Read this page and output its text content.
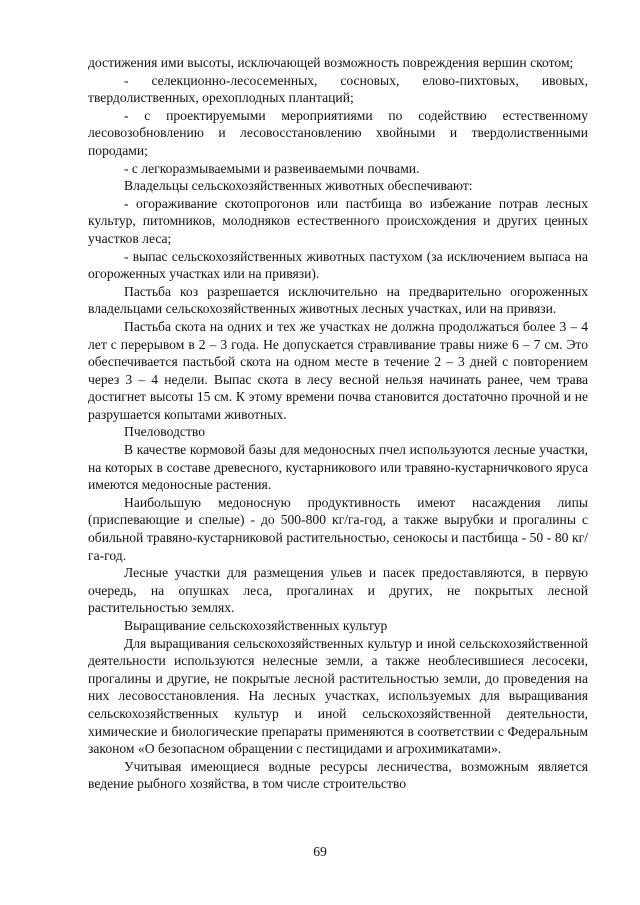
достижения ими высоты, исключающей возможность повреждения вершин скотом;

- селекционно-лесосеменных, сосновых, елово-пихтовых, ивовых, твердолиственных, орехоплодных плантаций;

- с проектируемыми мероприятиями по содействию естественному лесовозобновлению и лесовосстановлению хвойными и твердолиственными породами;

- с легкоразмываемыми и развеиваемыми почвами.

Владельцы сельскохозяйственных животных обеспечивают:

- огораживание скотопрогонов или пастбища во избежание потрав лесных культур, питомников, молодняков естественного происхождения и других ценных участков леса;

- выпас сельскохозяйственных животных пастухом (за исключением выпаса на огороженных участках или на привязи).

Пастьба коз разрешается исключительно на предварительно огороженных владельцами сельскохозяйственных животных лесных участках, или на привязи.

Пастьба скота на одних и тех же участках не должна продолжаться более 3 – 4 лет с перерывом в 2 – 3 года. Не допускается стравливание травы ниже 6 – 7 см. Это обеспечивается пастьбой скота на одном месте в течение 2 – 3 дней с повторением через 3 – 4 недели. Выпас скота в лесу весной нельзя начинать ранее, чем трава достигнет высоты 15 см. К этому времени почва становится достаточно прочной и не разрушается копытами животных.

Пчеловодство

В качестве кормовой базы для медоносных пчел используются лесные участки, на которых в составе древесного, кустарникового или травяно-кустарничкового яруса имеются медоносные растения.

Наибольшую медоносную продуктивность имеют насаждения липы (приспевающие и спелые) - до 500-800 кг/га-год, а также вырубки и прогалины с обильной травяно-кустарниковой растительностью, сенокосы и пастбища - 50 - 80 кг/га-год.

Лесные участки для размещения ульев и пасек предоставляются, в первую очередь, на опушках леса, прогалинах и других, не покрытых лесной растительностью землях.

Выращивание сельскохозяйственных культур

Для выращивания сельскохозяйственных культур и иной сельскохозяйственной деятельности используются нелесные земли, а также необлесившиеся лесосеки, прогалины и другие, не покрытые лесной растительностью земли, до проведения на них лесовосстановления. На лесных участках, используемых для выращивания сельскохозяйственных культур и иной сельскохозяйственной деятельности, химические и биологические препараты применяются в соответствии с Федеральным законом «О безопасном обращении с пестицидами и агрохимикатами».

Учитывая имеющиеся водные ресурсы лесничества, возможным является ведение рыбного хозяйства, в том числе строительство

69
